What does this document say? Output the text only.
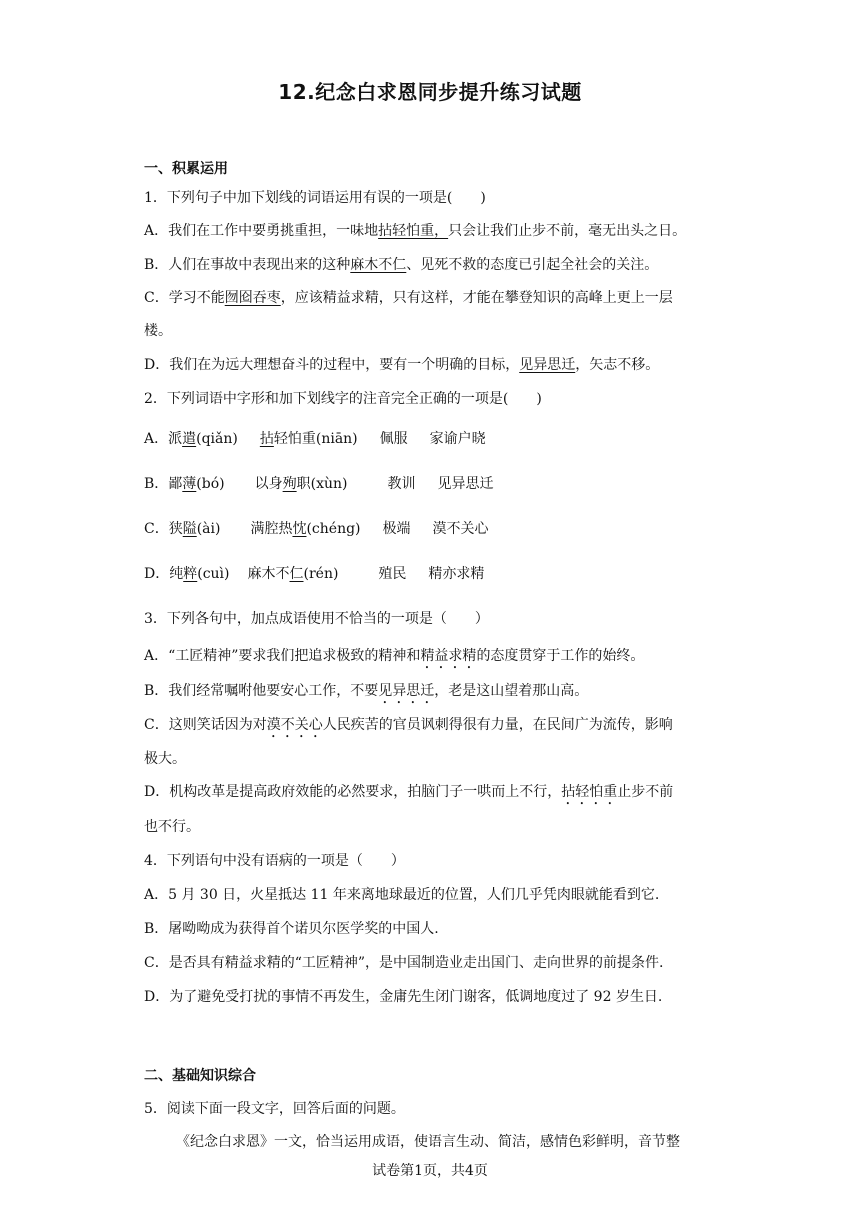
12.纪念白求恩同步提升练习试题
一、积累运用
1．下列句子中加下划线的词语运用有误的一项是(　　)
A．我们在工作中要勇挑重担，一味地拈轻怕重，只会让我们止步不前，毫无出头之日。
B．人们在事故中表现出来的这种麻木不仁、见死不救的态度已引起全社会的关注。
C．学习不能囫囵吞枣，应该精益求精，只有这样，才能在攀登知识的高峰上更上一层
楼。
D．我们在为远大理想奋斗的过程中，要有一个明确的目标，见异思迁，矢志不移。
2．下列词语中字形和加下划线字的注音完全正确的一项是(　　)
A．派遣(qiǎn) 拈轻怕重(niān) 佩服 家谕户晓
B．鄙薄(bó) 以身殉职(xùn)	教训 见异思迁
C．狭隘(ài) 满腔热忱(chéng) 极端 漠不关心
D．纯粹(cuì) 麻木不仁(rén)	殖民 精亦求精
3．下列各句中，加点成语使用不恰当的一项是（　　）
A．“工匠精神”要求我们把追求极致的精神和精益求精的态度贯穿于工作的始终。
B．我们经常嘱咐他要安心工作，不要见异思迁，老是这山望着那山高。
C．这则笑话因为对漠不关心人民疾苦的官员讽刺得很有力量，在民间广为流传，影响
极大。
D．机构改革是提高政府效能的必然要求，拍脑门子一哄而上不行，拈轻怕重止步不前
也不行。
4．下列语句中没有语病的一项是（　　）
A．5 月 30 日，火星抵达 11 年来离地球最近的位置，人们几乎凭肉眼就能看到它.
B．屠呦呦成为获得首个诺贝尔医学奖的中国人.
C．是否具有精益求精的“工匠精神”，是中国制造业走出国门、走向世界的前提条件.
D．为了避免受打扰的事情不再发生，金庸先生闭门谢客，低调地度过了 92 岁生日.
二、基础知识综合
5．阅读下面一段文字，回答后面的问题。
《纪念白求恩》一文，恰当运用成语，使语言生动、简洁，感情色彩鲜明，音节整
试卷第1页，共4页
